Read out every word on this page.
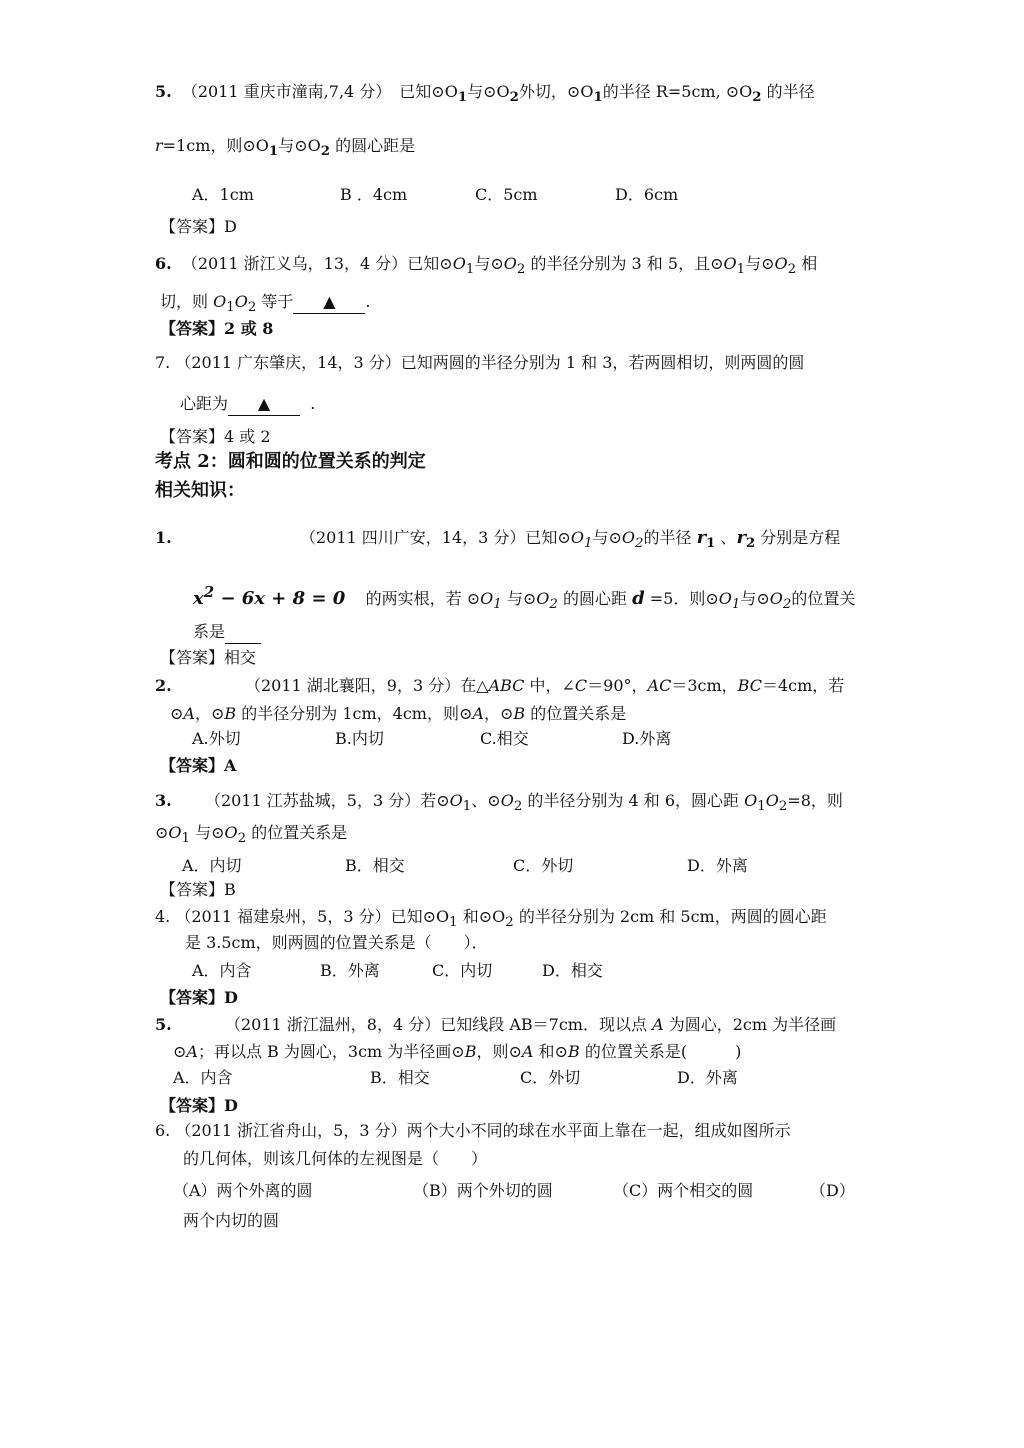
5. （2011 重庆市潼南,7,4 分）　已知$⊙O_1$与$⊙O_2$外切，$⊙O_1$的半径 R=5cm, $⊙O_2$ 的半径
r=1cm，则$⊙O_1$与$⊙O_2$ 的圆心距是
A．1cm	B ．4cm	C．5cm	D．6cm
【答案】D
6. （2011 浙江义乌，13，4 分）已知$⊙O_1$与$⊙O_2$ 的半径分别为 3 和 5，且$⊙O_1$与$⊙O_2$ 相
切，则 $O_1O_2$ 等于 ▲ .
【答案】2 或 8
7. （2011 广东肇庆，14，3 分）已知两圆的半径分别为 1 和 3，若两圆相切，则两圆的圆
心距为 ▲	.
【答案】4 或 2
考点 2：圆和圆的位置关系的判定
相关知识：
1.	（2011 四川广安，14，3 分）已知$⊙O_1$与$⊙O_2$的半径 $r_1$ 、$r_2$ 分别是方程
$x^2 - 6x + 8 = 0$ 的两实根，若 $⊙O_1$ 与$⊙O_2$ 的圆心距 d =5．则$⊙O_1$与$⊙O_2$的位置关
系是
【答案】相交
2.	（2011 湖北襄阳，9，3 分）在△ABC 中，∠C＝90°，AC＝3cm，BC＝4cm，若
⊙A，⊙B 的半径分别为 1cm，4cm，则⊙A，⊙B 的位置关系是
A.外切	B.内切	C.相交	D.外离
【答案】A
3. （2011 江苏盐城，5，3 分）若$⊙O_1$、$⊙O_2$ 的半径分别为 4 和 6，圆心距 $O_1O_2=8$，则
$⊙O_1$ 与$⊙O_2$ 的位置关系是
A．内切	B．相交	C．外切	D．外离
【答案】B
4. （2011 福建泉州，5，3 分）已知$⊙O_1$ 和$⊙O_2$ 的半径分别为 2cm 和 5cm，两圆的圆心距
是 3.5cm，则两圆的位置关系是（　　）．
A．内含	B．外离	C．内切	D．相交
【答案】D
5.	（2011 浙江温州，8，4 分）已知线段 AB＝7cm．现以点 A 为圆心，2cm 为半径画
⊙A；再以点 B 为圆心，3cm 为半径画⊙B，则⊙A 和⊙B 的位置关系是(　　　)
A．内含	B．相交	C．外切	D．外离
【答案】D
6. （2011 浙江省舟山，5，3 分）两个大小不同的球在水平面上靠在一起，组成如图所示
的几何体，则该几何体的左视图是（　　）
（A）两个外离的圆	（B）两个外切的圆	（C）两个相交的圆	（D）
两个内切的圆
